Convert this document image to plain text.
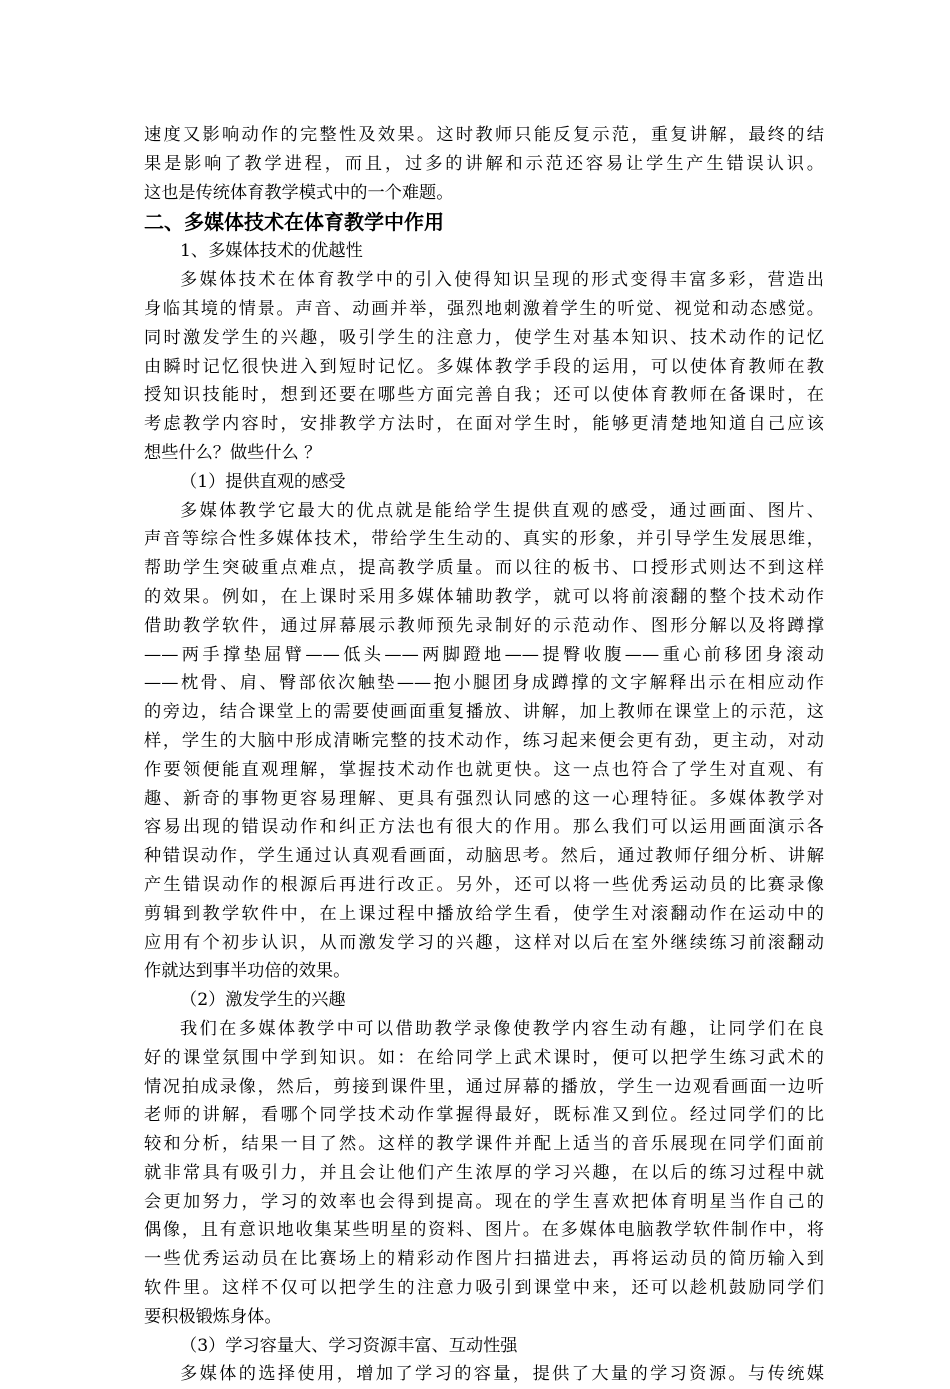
速度又影响动作的完整性及效果。这时教师只能反复示范，重复讲解，最终的结
果是影响了教学进程，而且，过多的讲解和示范还容易让学生产生错误认识。
这也是传统体育教学模式中的一个难题。
二、多媒体技术在体育教学中作用
1、多媒体技术的优越性
多媒体技术在体育教学中的引入使得知识呈现的形式变得丰富多彩，营造出
身临其境的情景。声音、动画并举，强烈地刺激着学生的听觉、视觉和动态感觉。
同时激发学生的兴趣，吸引学生的注意力，使学生对基本知识、技术动作的记忆
由瞬时记忆很快进入到短时记忆。多媒体教学手段的运用，可以使体育教师在教
授知识技能时，想到还要在哪些方面完善自我；还可以使体育教师在备课时，在
考虑教学内容时，安排教学方法时，在面对学生时，能够更清楚地知道自己应该
想些什么？做些什么 ？
（1）提供直观的感受
多媒体教学它最大的优点就是能给学生提供直观的感受，通过画面、图片、
声音等综合性多媒体技术，带给学生生动的、真实的形象，并引导学生发展思维，
帮助学生突破重点难点，提高教学质量。而以往的板书、口授形式则达不到这样
的效果。例如，在上课时采用多媒体辅助教学，就可以将前滚翻的整个技术动作
借助教学软件，通过屏幕展示教师预先录制好的示范动作、图形分解以及将蹲撑
——两手撑垫屈臂——低头——两脚蹬地——提臀收腹——重心前移团身滚动
——枕骨、肩、臀部依次触垫——抱小腿团身成蹲撑的文字解释出示在相应动作
的旁边，结合课堂上的需要使画面重复播放、讲解，加上教师在课堂上的示范，这
样，学生的大脑中形成清晰完整的技术动作，练习起来便会更有劲，更主动，对动
作要领便能直观理解，掌握技术动作也就更快。这一点也符合了学生对直观、有
趣、新奇的事物更容易理解、更具有强烈认同感的这一心理特征。多媒体教学对
容易出现的错误动作和纠正方法也有很大的作用。那么我们可以运用画面演示各
种错误动作，学生通过认真观看画面，动脑思考。然后，通过教师仔细分析、讲解
产生错误动作的根源后再进行改正。另外，还可以将一些优秀运动员的比赛录像
剪辑到教学软件中，在上课过程中播放给学生看，使学生对滚翻动作在运动中的
应用有个初步认识，从而激发学习的兴趣，这样对以后在室外继续练习前滚翻动
作就达到事半功倍的效果。
（2）激发学生的兴趣
我们在多媒体教学中可以借助教学录像使教学内容生动有趣，让同学们在良
好的课堂氛围中学到知识。如：在给同学上武术课时，便可以把学生练习武术的
情况拍成录像，然后，剪接到课件里，通过屏幕的播放，学生一边观看画面一边听
老师的讲解，看哪个同学技术动作掌握得最好，既标准又到位。经过同学们的比
较和分析，结果一目了然。这样的教学课件并配上适当的音乐展现在同学们面前
就非常具有吸引力，并且会让他们产生浓厚的学习兴趣，在以后的练习过程中就
会更加努力，学习的效率也会得到提高。现在的学生喜欢把体育明星当作自己的
偶像，且有意识地收集某些明星的资料、图片。在多媒体电脑教学软件制作中，将
一些优秀运动员在比赛场上的精彩动作图片扫描进去，再将运动员的简历输入到
软件里。这样不仅可以把学生的注意力吸引到课堂中来，还可以趁机鼓励同学们
要积极锻炼身体。
（3）学习容量大、学习资源丰富、互动性强
多媒体的选择使用，增加了学习的容量，提供了大量的学习资源。与传统媒
